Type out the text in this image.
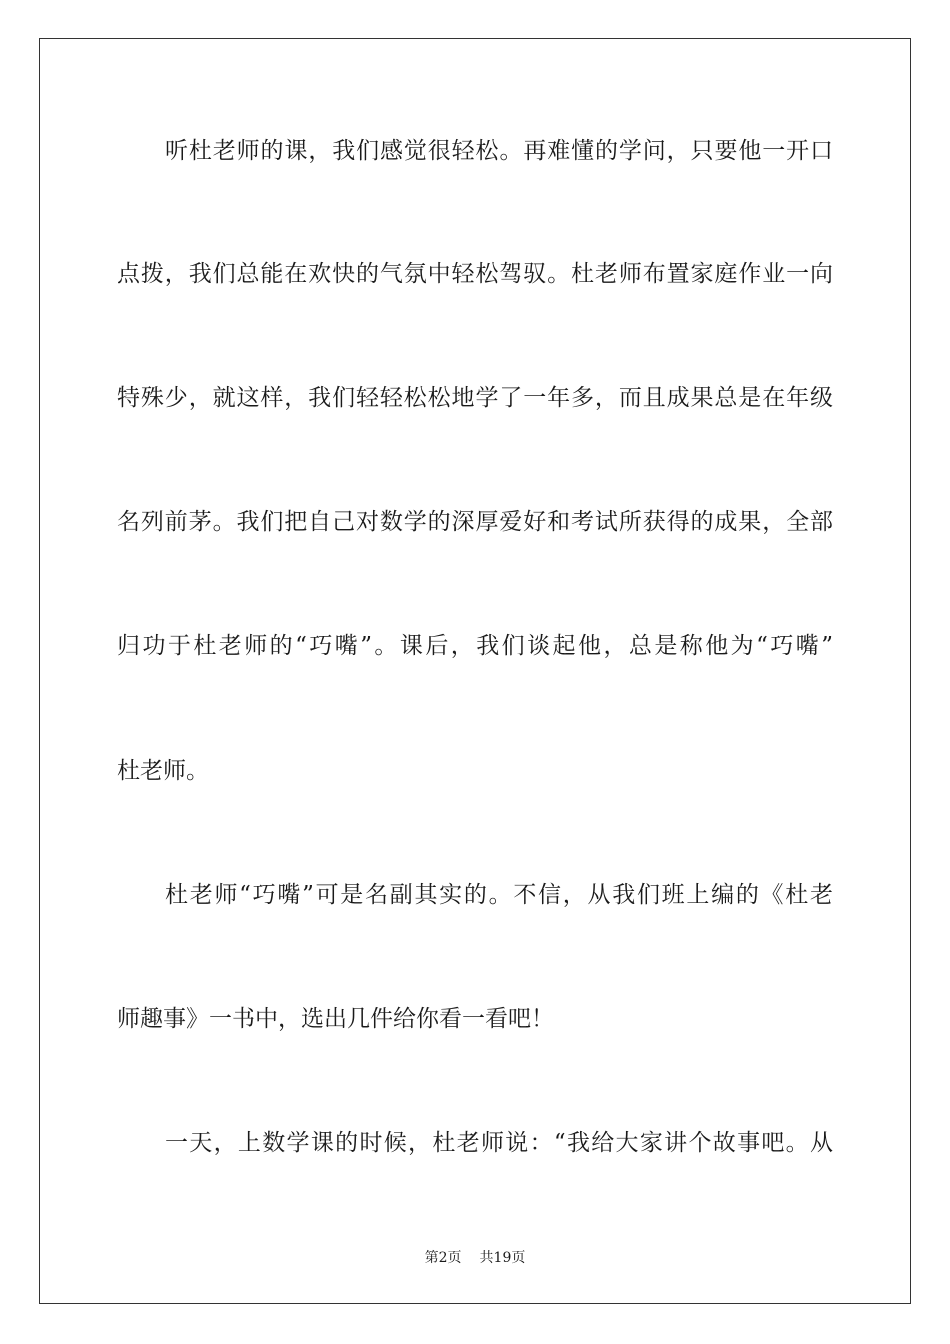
听杜老师的课，我们感觉很轻松。再难懂的学问，只要他一开口
点拨，我们总能在欢快的气氛中轻松驾驭。杜老师布置家庭作业一向
特殊少，就这样，我们轻轻松松地学了一年多，而且成果总是在年级
名列前茅。我们把自己对数学的深厚爱好和考试所获得的成果，全部
归功于杜老师的“巧嘴”。课后，我们谈起他，总是称他为“巧嘴”
杜老师。
杜老师“巧嘴”可是名副其实的。不信，从我们班上编的《杜老
师趣事》一书中，选出几件给你看一看吧！
一天，上数学课的时候，杜老师说：“我给大家讲个故事吧。从
第2页 共19页
